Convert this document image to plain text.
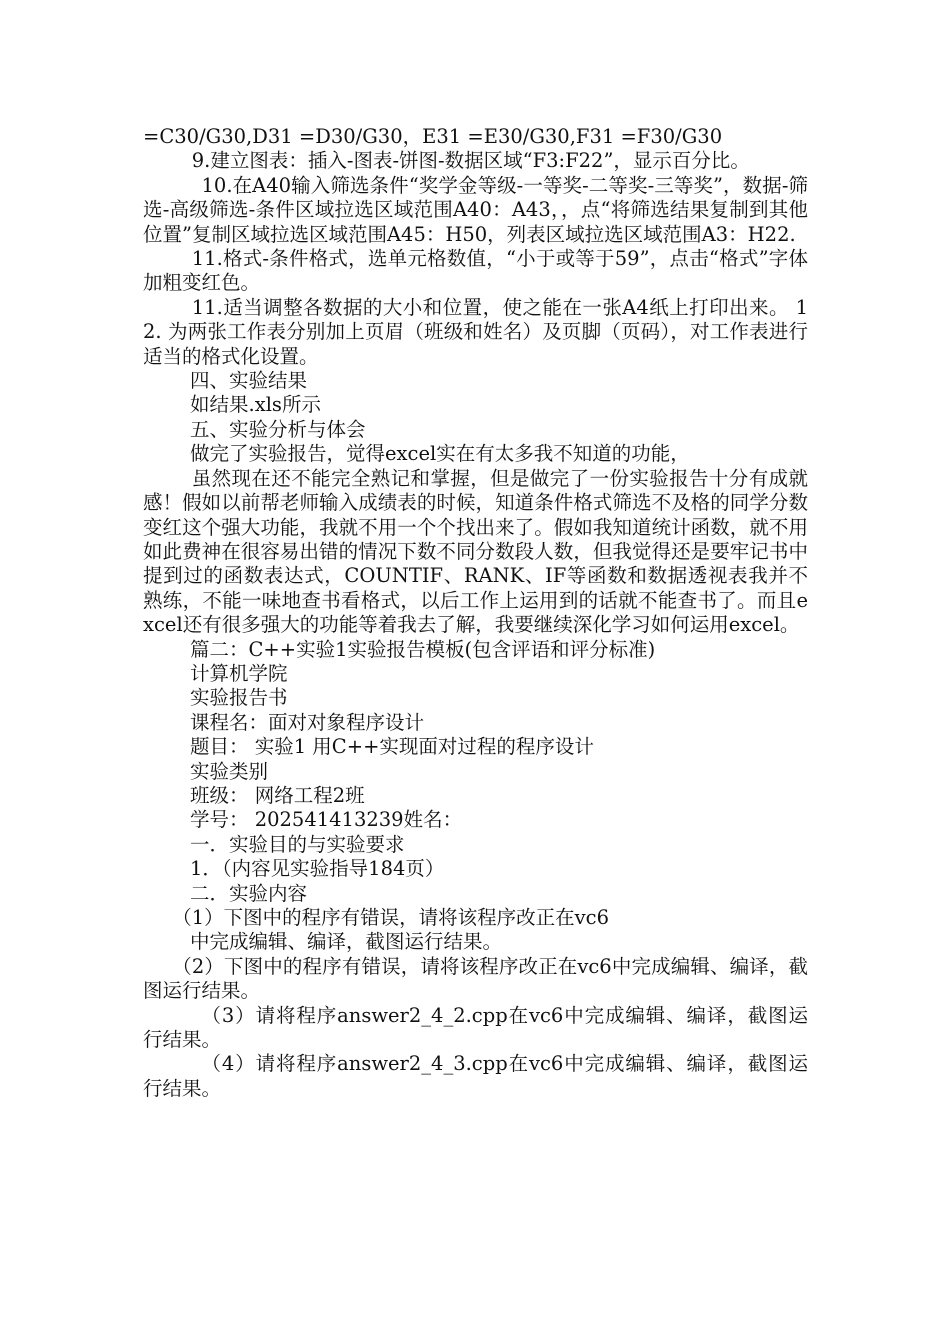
=C30/G30,D31 =D30/G30，E31 =E30/G30,F31 =F30/G30

9.建立图表：插入-图表-饼图-数据区域“F3:F22”，显示百分比。

10.在A40输入筛选条件“奖学金等级-一等奖-二等奖-三等奖”，数据-筛选-高级筛选-条件区域拉选区域范围A40：A43，，点“将筛选结果复制到其他位置”复制区域拉选区域范围A45：H50，列表区域拉选区域范围A3：H22.

11.格式-条件格式，选单元格数值，“小于或等于59”，点击“格式”字体加粗变红色。

11.适当调整各数据的大小和位置，使之能在一张A4纸上打印出来。 12. 为两张工作表分别加上页眉（班级和姓名）及页脚（页码），对工作表进行适当的格式化设置。

四、实验结果

如结果.xls所示

五、实验分析与体会

做完了实验报告，觉得excel实在有太多我不知道的功能，

虽然现在还不能完全熟记和掌握，但是做完了一份实验报告十分有成就感！假如以前帮老师输入成绩表的时候，知道条件格式筛选不及格的同学分数变红这个强大功能，我就不用一个个找出来了。假如我知道统计函数，就不用如此费神在很容易出错的情况下数不同分数段人数，但我觉得还是要牢记书中提到过的函数表达式，COUNTIF、RANK、IF等函数和数据透视表我并不熟练，不能一味地查书看格式，以后工作上运用到的话就不能查书了。而且excel还有很多强大的功能等着我去了解，我要继续深化学习如何运用excel。

篇二：C++实验1实验报告模板(包含评语和评分标准)

计算机学院

实验报告书

课程名：面对对象程序设计

题目： 实验1 用C++实现面对过程的程序设计

实验类别

班级： 网络工程2班

学号： 202541413239姓名：

一．实验目的与实验要求

1．（内容见实验指导184页）

二．实验内容

（1）下图中的程序有错误，请将该程序改正在vc6

中完成编辑、编译，截图运行结果。

（2）下图中的程序有错误，请将该程序改正在vc6中完成编辑、编译，截图运行结果。

（3）请将程序answer2_4_2.cpp在vc6中完成编辑、编译，截图运行结果。

（4）请将程序answer2_4_3.cpp在vc6中完成编辑、编译，截图运行结果。
